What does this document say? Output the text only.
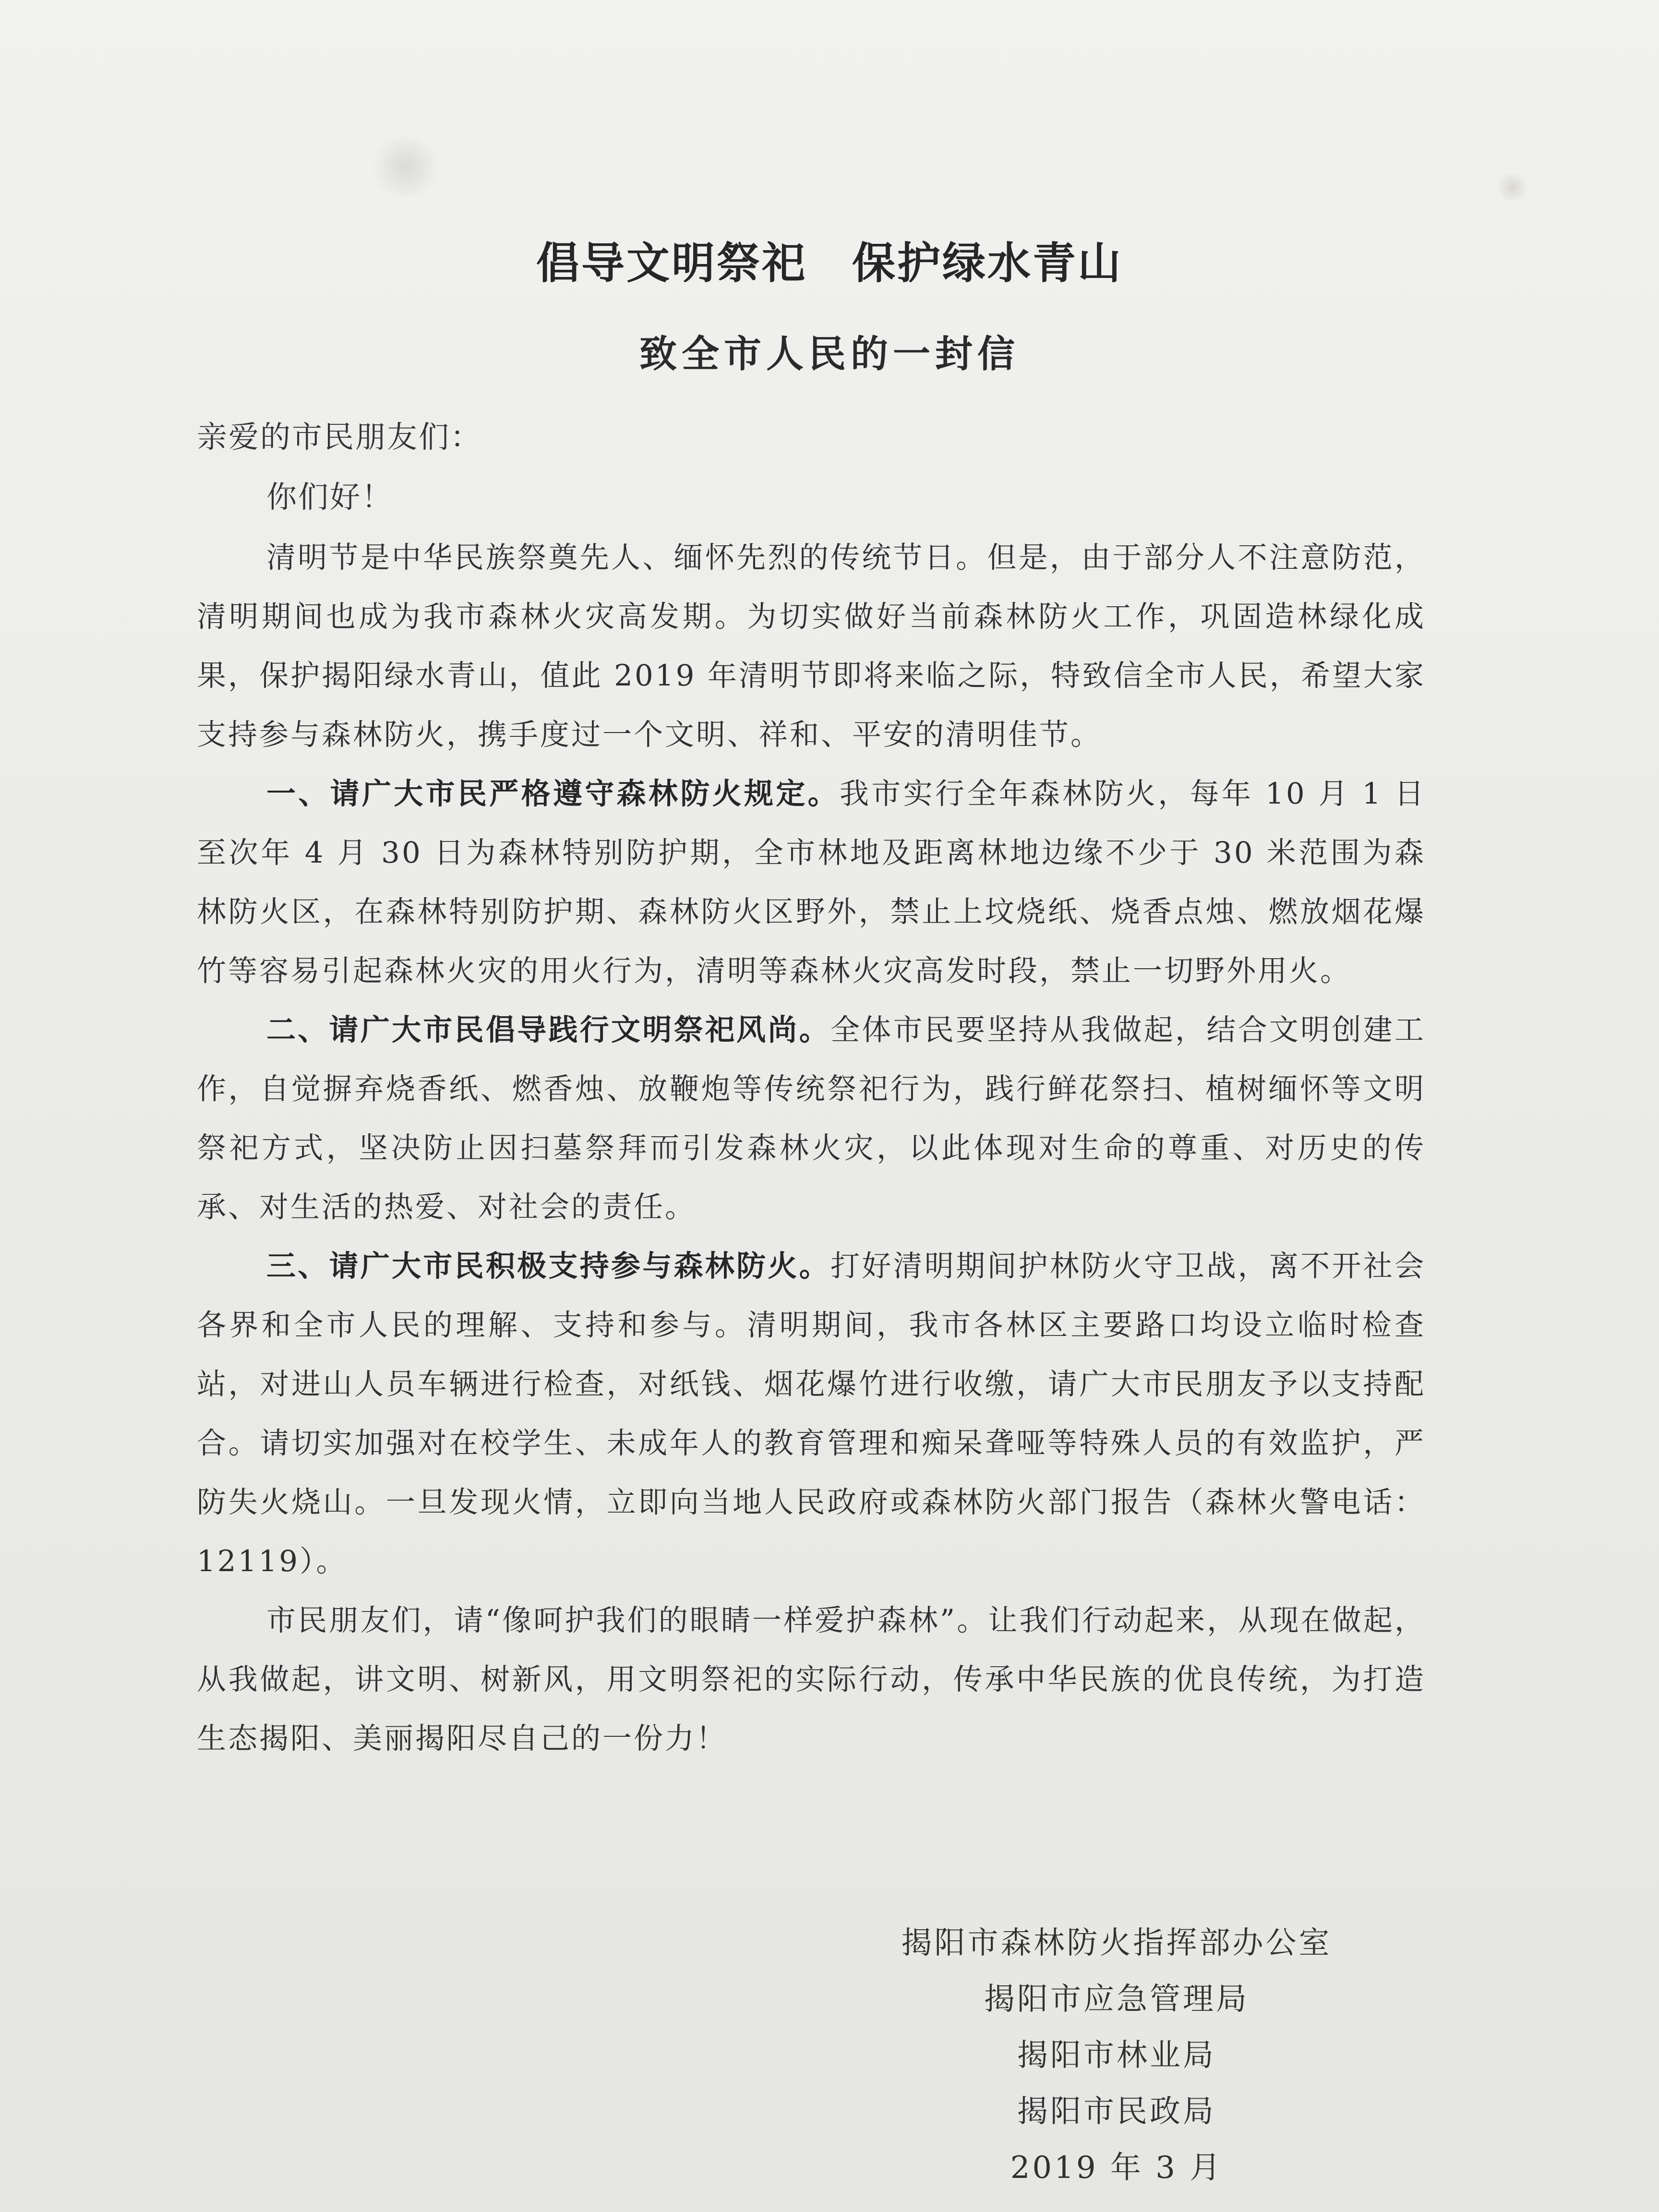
倡导文明祭祀　保护绿水青山
致全市人民的一封信

亲爱的市民朋友们：

你们好！

清明节是中华民族祭奠先人、缅怀先烈的传统节日。但是，由于部分人不注意防范，清明期间也成为我市森林火灾高发期。为切实做好当前森林防火工作，巩固造林绿化成果，保护揭阳绿水青山，值此 2019 年清明节即将来临之际，特致信全市人民，希望大家支持参与森林防火，携手度过一个文明、祥和、平安的清明佳节。

一、请广大市民严格遵守森林防火规定。我市实行全年森林防火，每年 10 月 1 日至次年 4 月 30 日为森林特别防护期，全市林地及距离林地边缘不少于 30 米范围为森林防火区，在森林特别防护期、森林防火区野外，禁止上坟烧纸、烧香点烛、燃放烟花爆竹等容易引起森林火灾的用火行为，清明等森林火灾高发时段，禁止一切野外用火。

二、请广大市民倡导践行文明祭祀风尚。全体市民要坚持从我做起，结合文明创建工作，自觉摒弃烧香纸、燃香烛、放鞭炮等传统祭祀行为，践行鲜花祭扫、植树缅怀等文明祭祀方式，坚决防止因扫墓祭拜而引发森林火灾，以此体现对生命的尊重、对历史的传承、对生活的热爱、对社会的责任。

三、请广大市民积极支持参与森林防火。打好清明期间护林防火守卫战，离不开社会各界和全市人民的理解、支持和参与。清明期间，我市各林区主要路口均设立临时检查站，对进山人员车辆进行检查，对纸钱、烟花爆竹进行收缴，请广大市民朋友予以支持配合。请切实加强对在校学生、未成年人的教育管理和痴呆聋哑等特殊人员的有效监护，严防失火烧山。一旦发现火情，立即向当地人民政府或森林防火部门报告（森林火警电话：12119）。

市民朋友们，请“像呵护我们的眼睛一样爱护森林”。让我们行动起来，从现在做起，从我做起，讲文明、树新风，用文明祭祀的实际行动，传承中华民族的优良传统，为打造生态揭阳、美丽揭阳尽自己的一份力！

揭阳市森林防火指挥部办公室
揭阳市应急管理局
揭阳市林业局
揭阳市民政局
2019 年 3 月
